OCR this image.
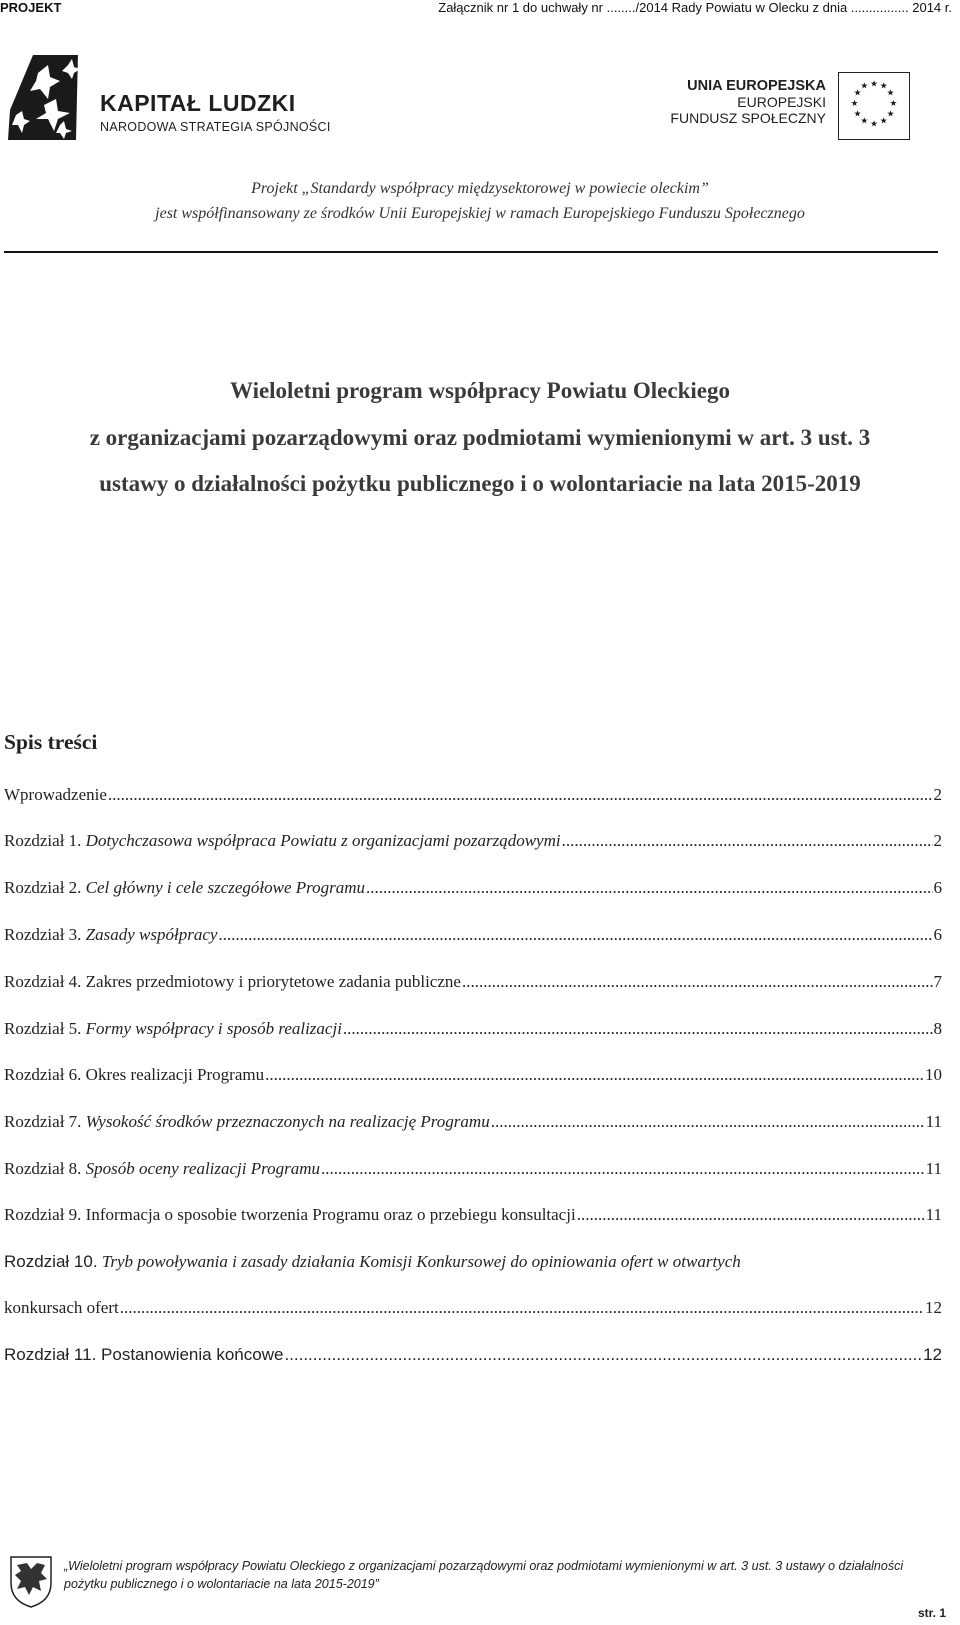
PROJEKT	Załącznik nr 1 do uchwały nr ......../2014 Rady Powiatu w Olecku z dnia ................ 2014 r.
KAPITAŁ LUDZKI
NARODOWA STRATEGIA SPÓJNOŚCI
UNIA EUROPEJSKA
EUROPEJSKI
FUNDUSZ SPOŁECZNY
★ ★
★
★
★
★
★
★
★
★
★
★
Projekt „Standardy współpracy międzysektorowej w powiecie oleckim”
jest współfinansowany ze środków Unii Europejskiej w ramach Europejskiego Funduszu Społecznego
Wieloletni program współpracy Powiatu Oleckiego
z organizacjami pozarządowymi oraz podmiotami wymienionymi w art. 3 ust. 3
ustawy o działalności pożytku publicznego i o wolontariacie na lata 2015-2019
Spis treści
Wprowadzenie .....	2
Rozdział 1. Dotychczasowa współpraca Powiatu z organizacjami pozarządowymi .....	2
Rozdział 2. Cel główny i cele szczegółowe Programu .....	6
Rozdział 3. Zasady współpracy .....	6
Rozdział 4. Zakres przedmiotowy i priorytetowe zadania publiczne .....	7
Rozdział 5. Formy współpracy i sposób realizacji .....	8
Rozdział 6. Okres realizacji Programu .....	10
Rozdział 7. Wysokość środków przeznaczonych na realizację Programu .....	11
Rozdział 8. Sposób oceny realizacji Programu .....	11
Rozdział 9. Informacja o sposobie tworzenia Programu oraz o przebiegu konsultacji .....	11
Rozdział 10. Tryb powoływania i zasady działania Komisji Konkursowej do opiniowania ofert w otwartych
konkursach ofert .....	12
Rozdział 11. Postanowienia końcowe .....	12
„Wieloletni program współpracy Powiatu Oleckiego z organizacjami pozarządowymi oraz podmiotami wymienionymi w art. 3 ust. 3 ustawy o działalności pożytku publicznego i o wolontariacie na lata 2015-2019”
str. 1
